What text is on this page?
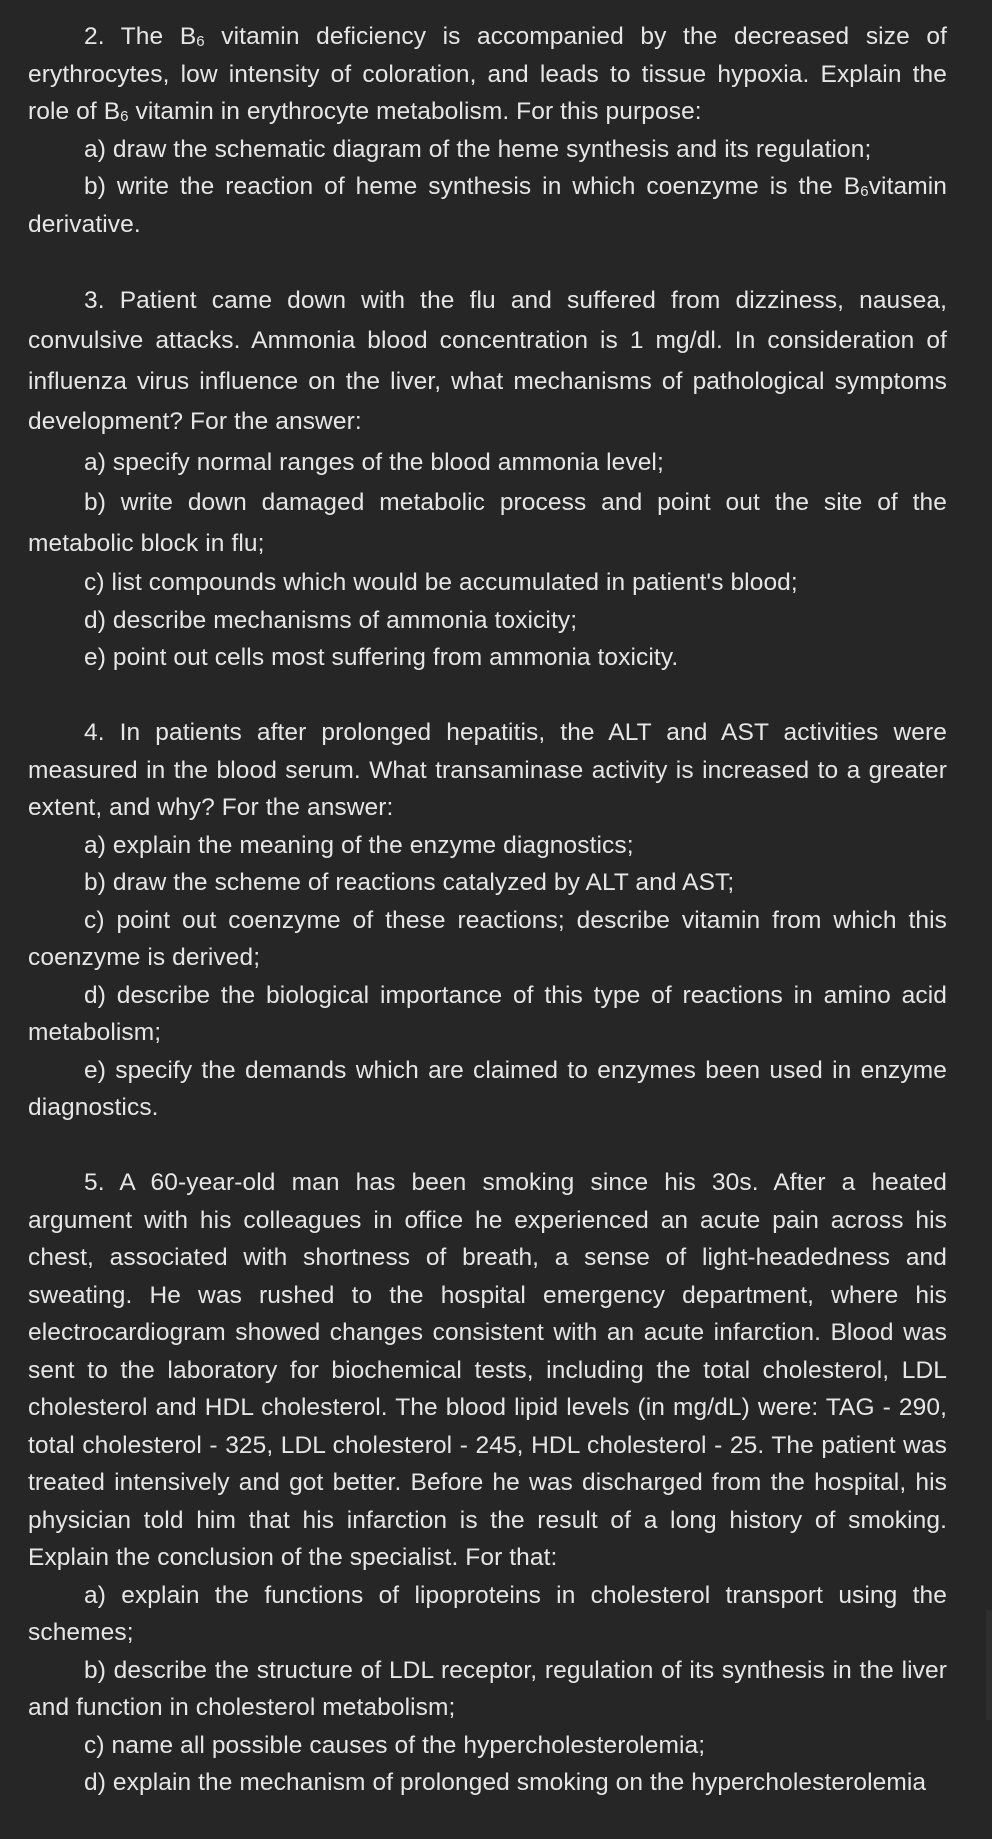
2. The B6 vitamin deficiency is accompanied by the decreased size of erythrocytes, low intensity of coloration, and leads to tissue hypoxia. Explain the role of B6 vitamin in erythrocyte metabolism. For this purpose:

a) draw the schematic diagram of the heme synthesis and its regulation;

b) write the reaction of heme synthesis in which coenzyme is the B6vitamin derivative.

3. Patient came down with the flu and suffered from dizziness, nausea, convulsive attacks. Ammonia blood concentration is 1 mg/dl. In consideration of influenza virus influence on the liver, what mechanisms of pathological symptoms development? For the answer:

a) specify normal ranges of the blood ammonia level;

b) write down damaged metabolic process and point out the site of the metabolic block in flu;

c) list compounds which would be accumulated in patient's blood;

d) describe mechanisms of ammonia toxicity;

e) point out cells most suffering from ammonia toxicity.

4. In patients after prolonged hepatitis, the ALT and AST activities were measured in the blood serum. What transaminase activity is increased to a greater extent, and why? For the answer:

a) explain the meaning of the enzyme diagnostics;

b) draw the scheme of reactions catalyzed by ALT and AST;

c) point out coenzyme of these reactions; describe vitamin from which this coenzyme is derived;

d) describe the biological importance of this type of reactions in amino acid metabolism;

e) specify the demands which are claimed to enzymes been used in enzyme diagnostics.

5. A 60-year-old man has been smoking since his 30s. After a heated argument with his colleagues in office he experienced an acute pain across his chest, associated with shortness of breath, a sense of light-headedness and sweating. He was rushed to the hospital emergency department, where his electrocardiogram showed changes consistent with an acute infarction. Blood was sent to the laboratory for biochemical tests, including the total cholesterol, LDL cholesterol and HDL cholesterol. The blood lipid levels (in mg/dL) were: TAG - 290, total cholesterol - 325, LDL cholesterol - 245, HDL cholesterol - 25. The patient was treated intensively and got better. Before he was discharged from the hospital, his physician told him that his infarction is the result of a long history of smoking. Explain the conclusion of the specialist. For that:

a) explain the functions of lipoproteins in cholesterol transport using the schemes;

b) describe the structure of LDL receptor, regulation of its synthesis in the liver and function in cholesterol metabolism;

c) name all possible causes of the hypercholesterolemia;

d) explain the mechanism of prolonged smoking on the hypercholesterolemia
